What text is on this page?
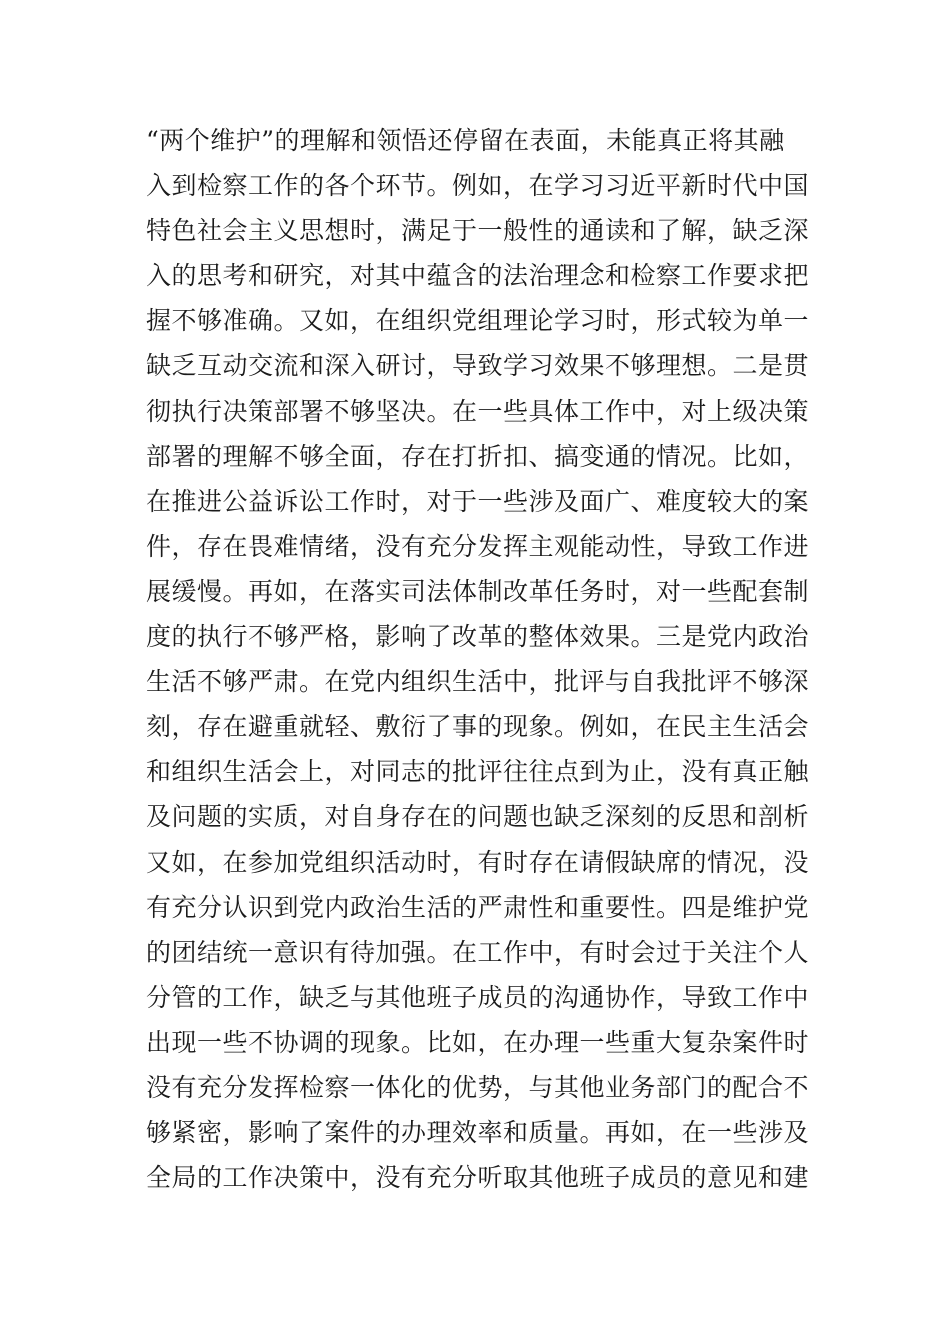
“两个维护”的理解和领悟还停留在表面，未能真正将其融
入到检察工作的各个环节。例如，在学习习近平新时代中国
特色社会主义思想时，满足于一般性的通读和了解，缺乏深
入的思考和研究，对其中蕴含的法治理念和检察工作要求把
握不够准确。又如，在组织党组理论学习时，形式较为单一
缺乏互动交流和深入研讨，导致学习效果不够理想。二是贯
彻执行决策部署不够坚决。在一些具体工作中，对上级决策
部署的理解不够全面，存在打折扣、搞变通的情况。比如，
在推进公益诉讼工作时，对于一些涉及面广、难度较大的案
件，存在畏难情绪，没有充分发挥主观能动性，导致工作进
展缓慢。再如，在落实司法体制改革任务时，对一些配套制
度的执行不够严格，影响了改革的整体效果。三是党内政治
生活不够严肃。在党内组织生活中，批评与自我批评不够深
刻，存在避重就轻、敷衍了事的现象。例如，在民主生活会
和组织生活会上，对同志的批评往往点到为止，没有真正触
及问题的实质，对自身存在的问题也缺乏深刻的反思和剖析
又如，在参加党组织活动时，有时存在请假缺席的情况，没
有充分认识到党内政治生活的严肃性和重要性。四是维护党
的团结统一意识有待加强。在工作中，有时会过于关注个人
分管的工作，缺乏与其他班子成员的沟通协作，导致工作中
出现一些不协调的现象。比如，在办理一些重大复杂案件时
没有充分发挥检察一体化的优势，与其他业务部门的配合不
够紧密，影响了案件的办理效率和质量。再如，在一些涉及
全局的工作决策中，没有充分听取其他班子成员的意见和建
